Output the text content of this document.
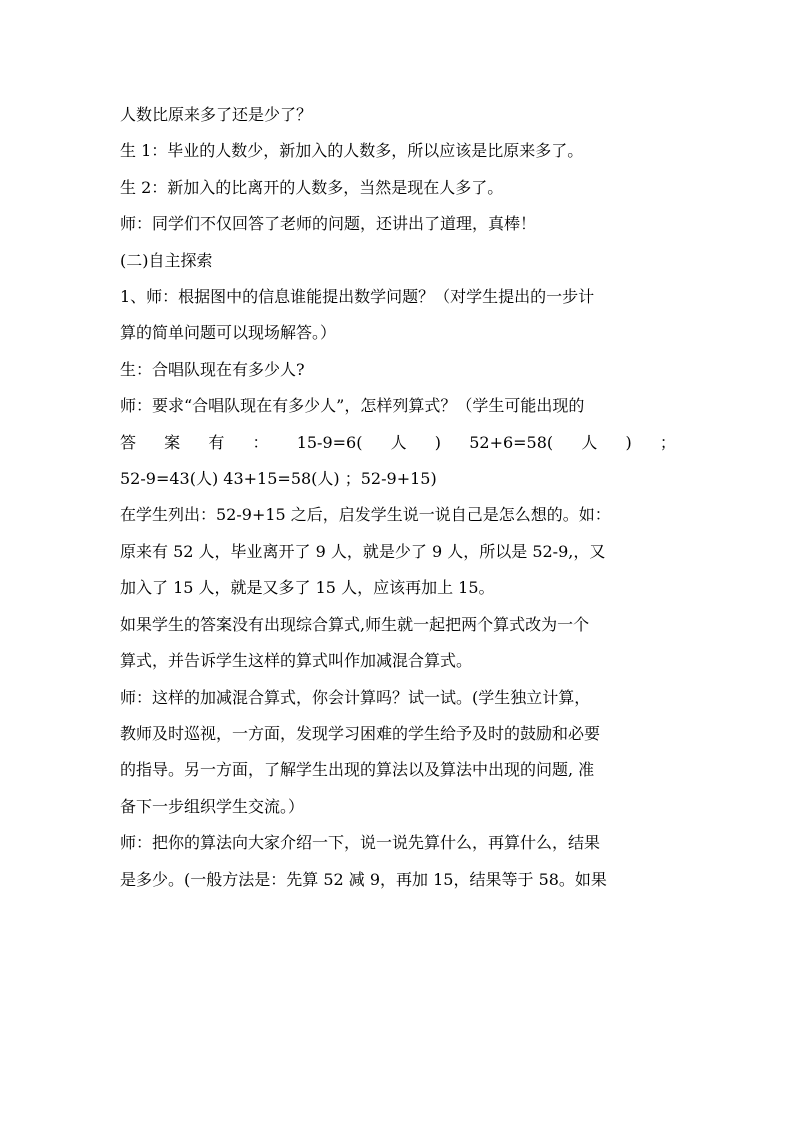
人数比原来多了还是少了？
生 1：毕业的人数少，新加入的人数多，所以应该是比原来多了。
生 2：新加入的比离开的人数多，当然是现在人多了。
师：同学们不仅回答了老师的问题，还讲出了道理，真棒！
(二)自主探索
1、师：根据图中的信息谁能提出数学问题？（对学生提出的一步计
算的简单问题可以现场解答。）
生：合唱队现在有多少人?
师：要求“合唱队现在有多少人”，怎样列算式？（学生可能出现的
答 案 有 ： 15-9=6( 人 ) 52+6=58( 人 ) ；
52-9=43(人) 43+15=58(人) ；52-9+15)
在学生列出：52-9+15 之后，启发学生说一说自己是怎么想的。如：
原来有 52 人，毕业离开了 9 人，就是少了 9 人，所以是 52-9,，又
加入了 15 人，就是又多了 15 人，应该再加上 15。
如果学生的答案没有出现综合算式,师生就一起把两个算式改为一个
算式，并告诉学生这样的算式叫作加减混合算式。
师：这样的加减混合算式，你会计算吗？试一试。(学生独立计算，
教师及时巡视，一方面，发现学习困难的学生给予及时的鼓励和必要
的指导。另一方面，了解学生出现的算法以及算法中出现的问题, 准
备下一步组织学生交流。）
师：把你的算法向大家介绍一下，说一说先算什么，再算什么，结果
是多少。(一般方法是：先算 52 减 9，再加 15，结果等于 58。如果
